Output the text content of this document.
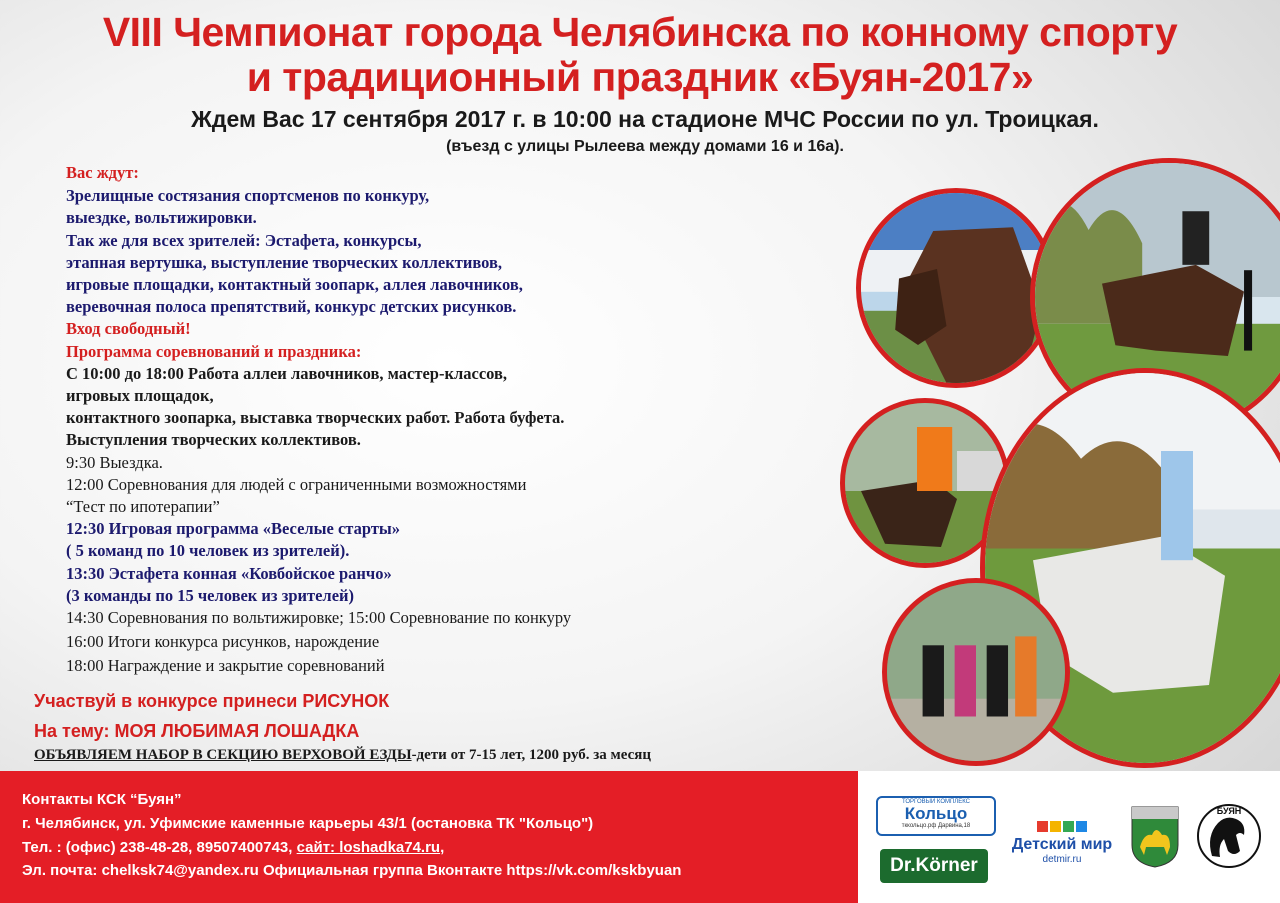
VIII Чемпионат города Челябинска по конному спорту
и традиционный праздник «Буян-2017»
Ждем Вас 17 сентября 2017 г. в 10:00 на стадионе МЧС России по ул. Троицкая.
(въезд с улицы Рылеева между домами 16 и 16а).
Вас ждут:
Зрелищные состязания спортсменов по конкуру,
выездке, вольтижировки.
Так же для всех зрителей: Эстафета, конкурсы,
этапная вертушка, выступление творческих коллективов,
игровые площадки, контактный зоопарк, аллея лавочников,
веревочная полоса препятствий, конкурс детских рисунков.
Вход свободный!
Программа соревнований и праздника:
С 10:00 до 18:00 Работа аллеи лавочников, мастер-классов,
игровых площадок,
контактного зоопарка, выставка творческих работ. Работа буфета.
Выступления творческих коллективов.
9:30 Выездка.
12:00 Соревнования для людей с ограниченными возможностями
“Тест по ипотерапии”
12:30 Игровая программа «Веселые старты»
( 5 команд по 10 человек из зрителей).
13:30 Эстафета конная «Ковбойское ранчо»
(3 команды по 15 человек из зрителей)
14:30 Соревнования по вольтижировке; 15:00 Соревнование по конкуру
16:00 Итоги конкурса рисунков, нарождение
18:00 Награждение и закрытие соревнований
Участвуй в конкурсе принеси РИСУНОК
На тему: МОЯ ЛЮБИМАЯ ЛОШАДКА
ОБЪЯВЛЯЕМ НАБОР В СЕКЦИЮ ВЕРХОВОЙ ЕЗДЫ-дети от 7-15 лет, 1200 руб. за месяц
Контакты КСК “Буян”
г. Челябинск, ул. Уфимские каменные карьеры 43/1 (остановка ТК "Кольцо")
Тел. : (офис) 238-48-28, 89507400743, сайт: loshadka74.ru,
Эл. почта: chelksk74@yandex.ru Официальная группа Вконтакте https://vk.com/kskbyuan
ТОРГОВЫЙ КОМПЛЕКС
Кольцо
тккольцо.рф Дарвина,18
Dr.Körner
Детский мир
detmir.ru
БУЯН
